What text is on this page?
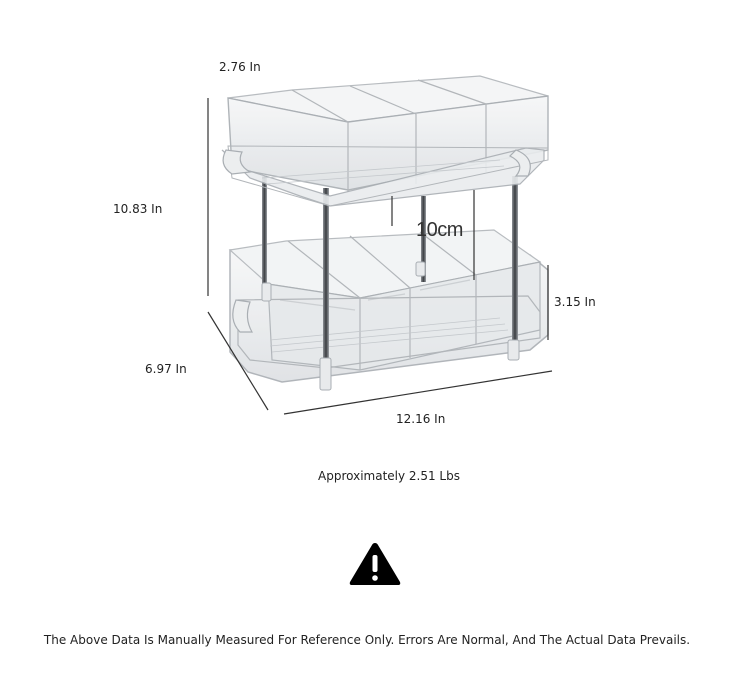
2.76 In
10.83 In
6.97 In
12.16 In
3.15 In
10cm
Approximately 2.51 Lbs
The Above Data Is Manually Measured For Reference Only. Errors Are Normal, And The Actual Data Prevails.
